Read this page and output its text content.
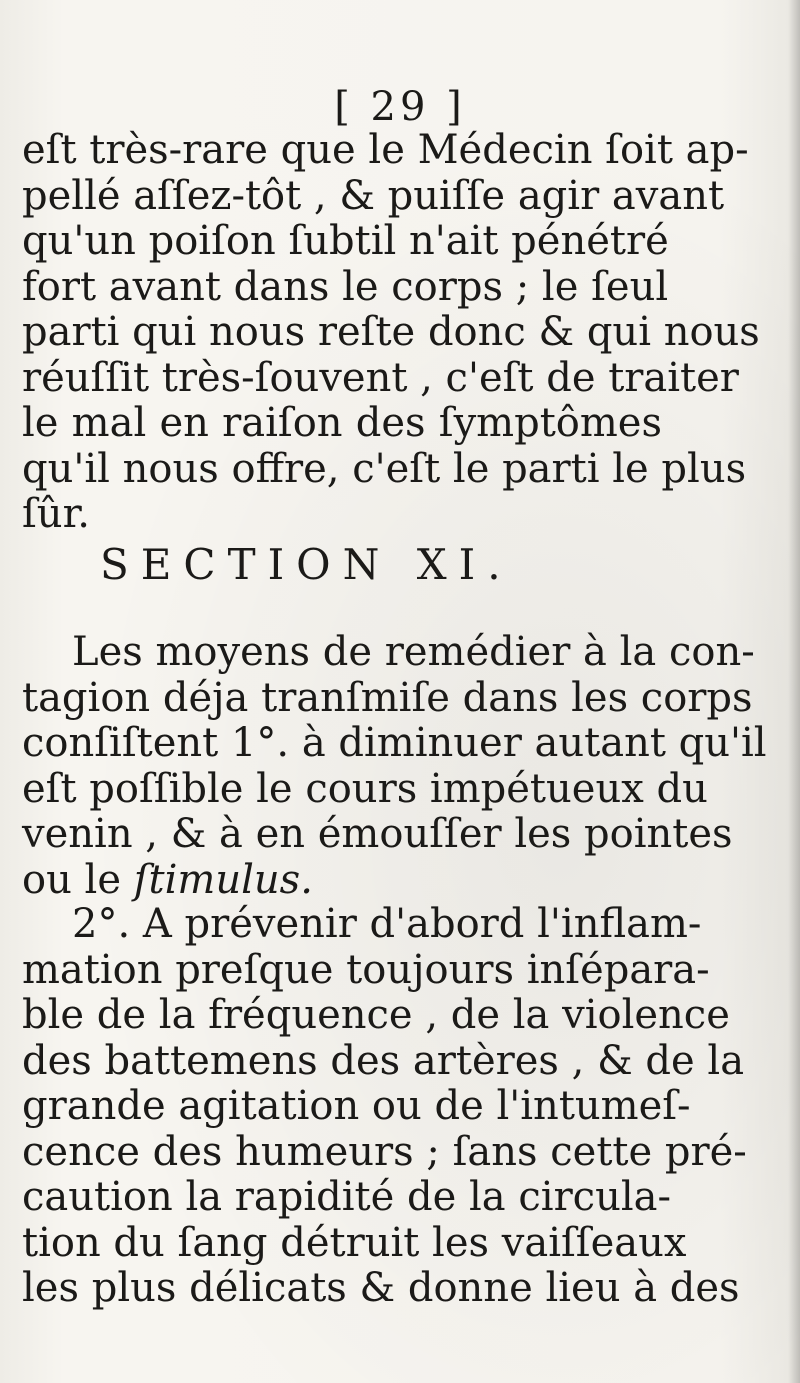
[ 29 ]
eſt très-rare que le Médecin ſoit ap-
pellé aſſez-tôt , & puiſſe agir avant
qu'un poiſon ſubtil n'ait pénétré
fort avant dans le corps ; le ſeul
parti qui nous reſte donc & qui nous
réuſſit très-ſouvent , c'eſt de traiter
le mal en raiſon des ſymptômes
qu'il nous offre, c'eſt le parti le plus
ſûr.
SECTION XI.
Les moyens de remédier à la con-
tagion déja tranſmiſe dans les corps
conſiſtent 1°. à diminuer autant qu'il
eſt poſſible le cours impétueux du
venin , & à en émouſſer les pointes
ou le ſtimulus.
2°. A prévenir d'abord l'inflam-
mation preſque toujours inſépara-
ble de la fréquence , de la violence
des battemens des artères , & de la
grande agitation ou de l'intumeſ-
cence des humeurs ; ſans cette pré-
caution la rapidité de la circula-
tion du ſang détruit les vaiſſeaux
les plus délicats & donne lieu à des
